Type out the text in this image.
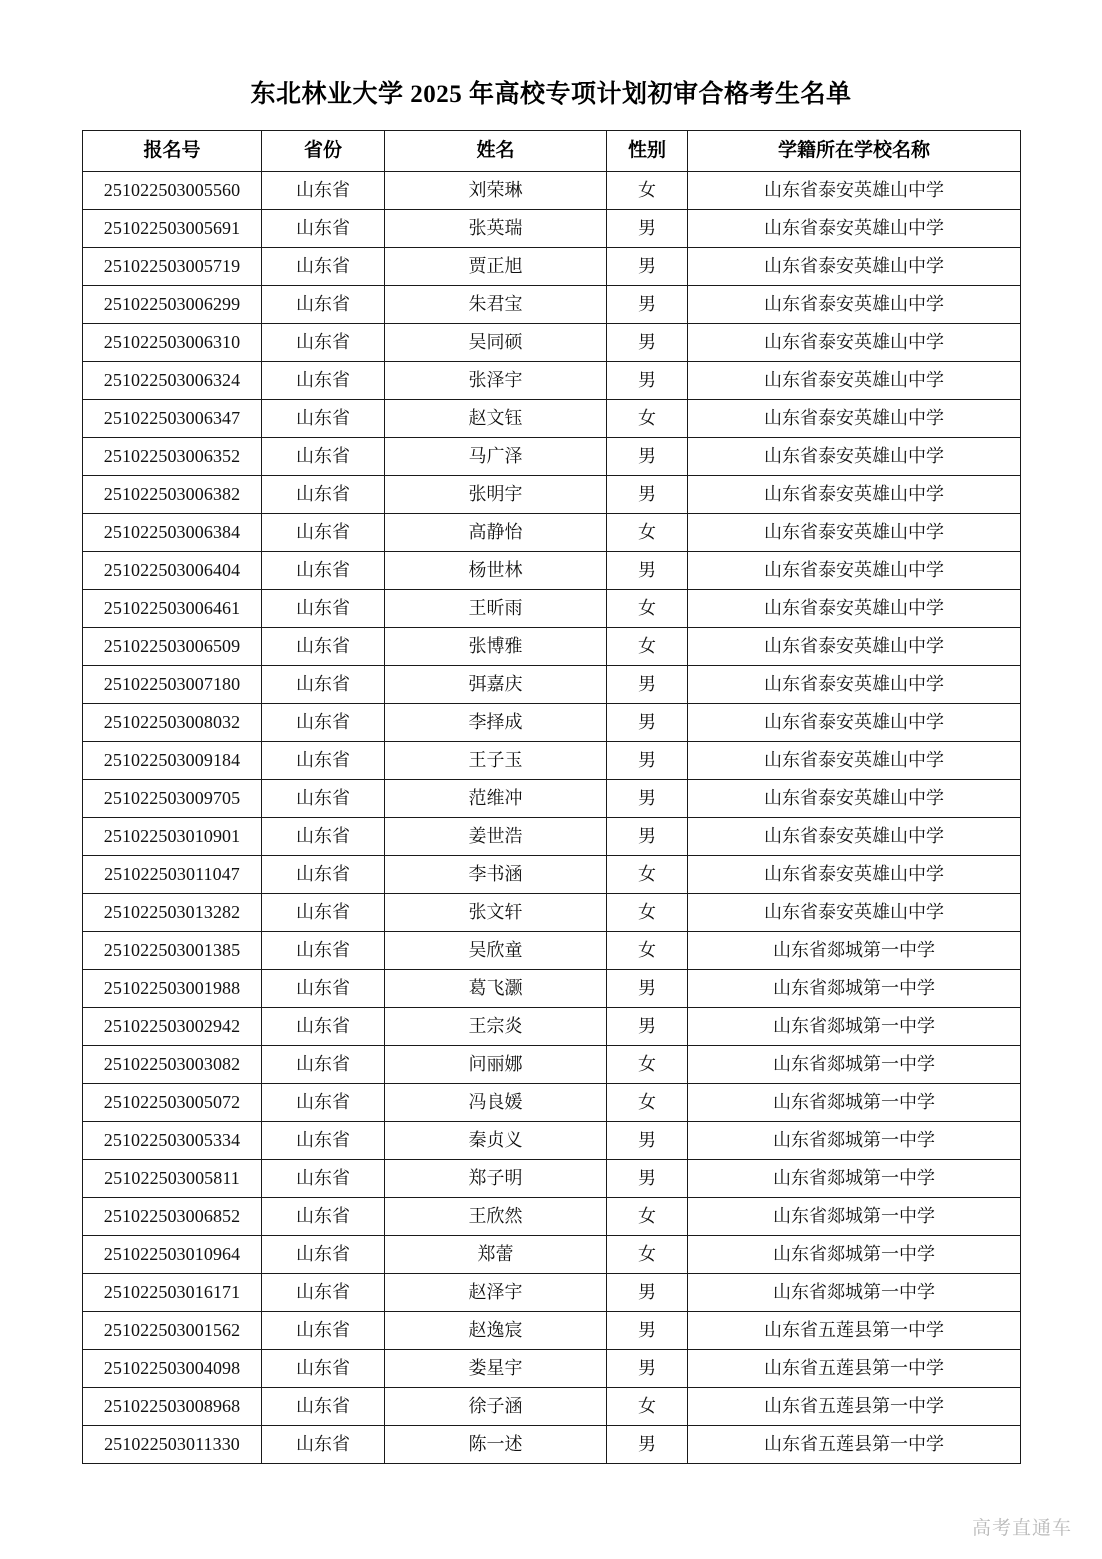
东北林业大学 2025 年高校专项计划初审合格考生名单
报名号	省份	姓名	性别	学籍所在学校名称
251022503005560	山东省	刘荣琳	女	山东省泰安英雄山中学
251022503005691	山东省	张英瑞	男	山东省泰安英雄山中学
251022503005719	山东省	贾正旭	男	山东省泰安英雄山中学
251022503006299	山东省	朱君宝	男	山东省泰安英雄山中学
251022503006310	山东省	吴同硕	男	山东省泰安英雄山中学
251022503006324	山东省	张泽宇	男	山东省泰安英雄山中学
251022503006347	山东省	赵文钰	女	山东省泰安英雄山中学
251022503006352	山东省	马广泽	男	山东省泰安英雄山中学
251022503006382	山东省	张明宇	男	山东省泰安英雄山中学
251022503006384	山东省	高静怡	女	山东省泰安英雄山中学
251022503006404	山东省	杨世林	男	山东省泰安英雄山中学
251022503006461	山东省	王昕雨	女	山东省泰安英雄山中学
251022503006509	山东省	张博雅	女	山东省泰安英雄山中学
251022503007180	山东省	弭嘉庆	男	山东省泰安英雄山中学
251022503008032	山东省	李择成	男	山东省泰安英雄山中学
251022503009184	山东省	王子玉	男	山东省泰安英雄山中学
251022503009705	山东省	范维冲	男	山东省泰安英雄山中学
251022503010901	山东省	姜世浩	男	山东省泰安英雄山中学
251022503011047	山东省	李书涵	女	山东省泰安英雄山中学
251022503013282	山东省	张文轩	女	山东省泰安英雄山中学
251022503001385	山东省	吴欣童	女	山东省郯城第一中学
251022503001988	山东省	葛飞灏	男	山东省郯城第一中学
251022503002942	山东省	王宗炎	男	山东省郯城第一中学
251022503003082	山东省	问丽娜	女	山东省郯城第一中学
251022503005072	山东省	冯良媛	女	山东省郯城第一中学
251022503005334	山东省	秦贞义	男	山东省郯城第一中学
251022503005811	山东省	郑子明	男	山东省郯城第一中学
251022503006852	山东省	王欣然	女	山东省郯城第一中学
251022503010964	山东省	郑蕾	女	山东省郯城第一中学
251022503016171	山东省	赵泽宇	男	山东省郯城第一中学
251022503001562	山东省	赵逸宸	男	山东省五莲县第一中学
251022503004098	山东省	娄星宇	男	山东省五莲县第一中学
251022503008968	山东省	徐子涵	女	山东省五莲县第一中学
251022503011330	山东省	陈一述	男	山东省五莲县第一中学
高考直通车
